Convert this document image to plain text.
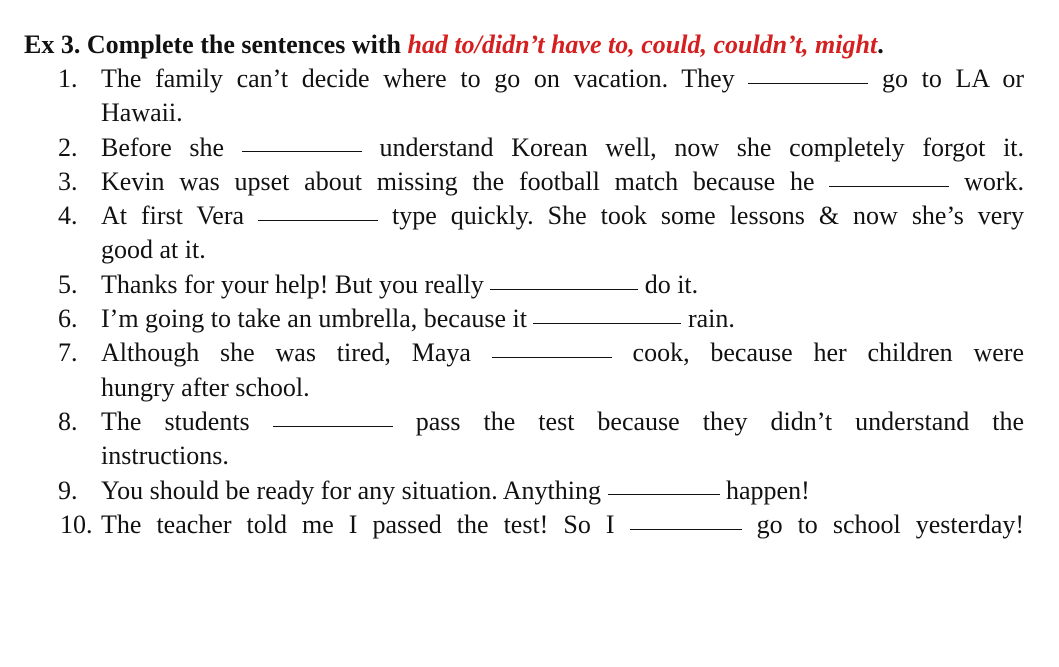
Ex 3. Complete the sentences with had to/didn’t have to, could, couldn’t, might.
1. The family can’t decide where to go on vacation. They	go to LA or
Hawaii.
2. Before she	understand Korean well, now she completely forgot it.
3. Kevin was upset about missing the football match because he	work.
4. At first Vera	type quickly. She took some lessons & now she’s very
good at it.
5. Thanks for your help! But you really	do it.
6. I’m going to take an umbrella, because it	rain.
7. Although she was tired, Maya	cook, because her children were
hungry after school.
8. The students	pass the test because they didn’t understand the
instructions.
9. You should be ready for any situation. Anything	happen!
10. The teacher told me I passed the test! So I	go to school yesterday!
